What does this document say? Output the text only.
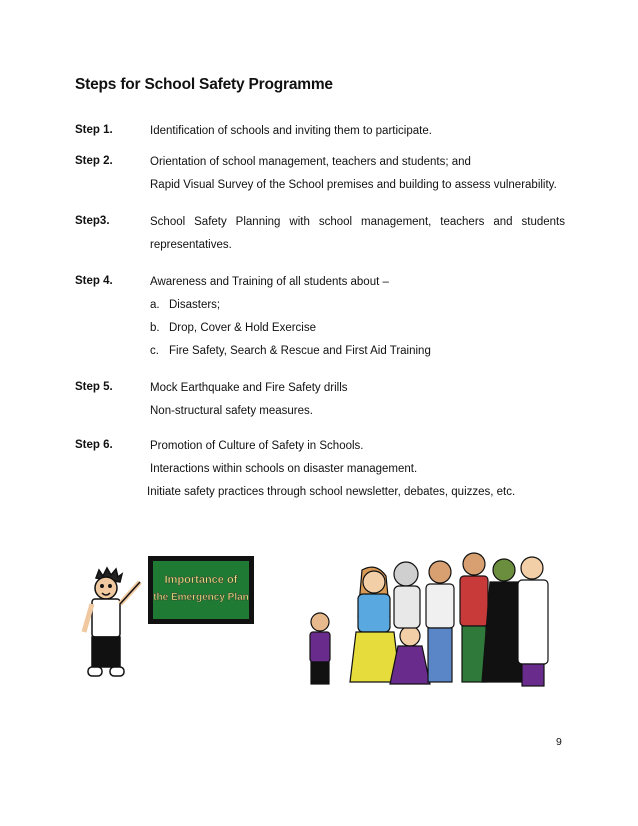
Steps for School Safety Programme
Step 1.	Identification of schools and inviting them to participate.
Step 2.	Orientation of school management, teachers and students; and
Rapid Visual Survey of the School premises and building to assess vulnerability.
Step3.	School Safety Planning with school management, teachers and students
representatives.
Step 4.	Awareness and Training of all students about –
a. Disasters;
b. Drop, Cover & Hold Exercise
c. Fire Safety, Search & Rescue and First Aid Training
Step 5.	Mock Earthquake and Fire Safety drills
Non-structural safety measures.
Step 6.	Promotion of Culture of Safety in Schools.
Interactions within schools on disaster management.
Initiate safety practices through school newsletter, debates, quizzes, etc.
Importance of
the Emergency Plan
9
